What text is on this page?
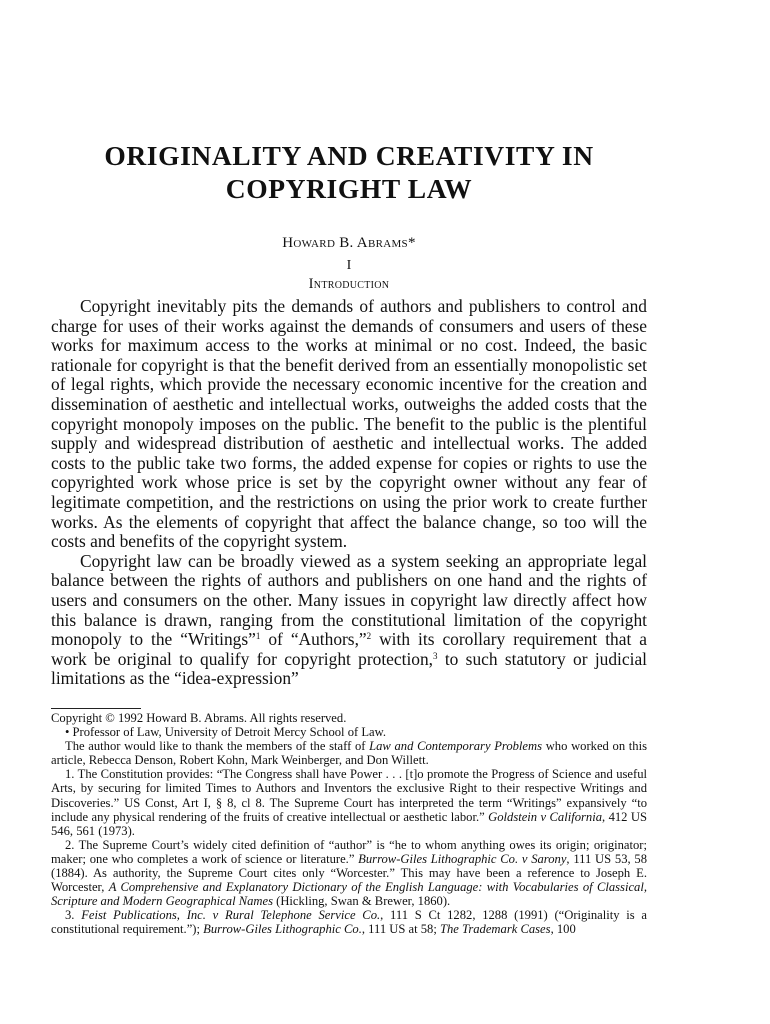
ORIGINALITY AND CREATIVITY IN
COPYRIGHT LAW
Howard B. Abrams*
I
Introduction

Copyright inevitably pits the demands of authors and publishers to control and charge for uses of their works against the demands of consumers and users of these works for maximum access to the works at minimal or no cost. Indeed, the basic rationale for copyright is that the benefit derived from an essentially monopolistic set of legal rights, which provide the necessary economic incentive for the creation and dissemination of aesthetic and intellectual works, outweighs the added costs that the copyright monopoly imposes on the public. The benefit to the public is the plentiful supply and widespread distribution of aesthetic and intellectual works. The added costs to the public take two forms, the added expense for copies or rights to use the copyrighted work whose price is set by the copyright owner without any fear of legitimate competition, and the restrictions on using the prior work to create further works. As the elements of copyright that affect the balance change, so too will the costs and benefits of the copyright system.

Copyright law can be broadly viewed as a system seeking an appropriate legal balance between the rights of authors and publishers on one hand and the rights of users and consumers on the other. Many issues in copyright law directly affect how this balance is drawn, ranging from the constitutional limitation of the copyright monopoly to the “Writings”$^1$ of “Authors,”$^2$ with its corollary requirement that a work be original to qualify for copyright protection,$^3$ to such statutory or judicial limitations as the “idea-expression”

Copyright © 1992 Howard B. Abrams. All rights reserved.

• Professor of Law, University of Detroit Mercy School of Law.

The author would like to thank the members of the staff of Law and Contemporary Problems who worked on this article, Rebecca Denson, Robert Kohn, Mark Weinberger, and Don Willett.

1. The Constitution provides: “The Congress shall have Power . . . [t]o promote the Progress of Science and useful Arts, by securing for limited Times to Authors and Inventors the exclusive Right to their respective Writings and Discoveries.” US Const, Art I, § 8, cl 8. The Supreme Court has interpreted the term “Writings” expansively “to include any physical rendering of the fruits of creative intellectual or aesthetic labor.” Goldstein v California, 412 US 546, 561 (1973).

2. The Supreme Court’s widely cited definition of “author” is “he to whom anything owes its origin; originator; maker; one who completes a work of science or literature.” Burrow-Giles Lithographic Co. v Sarony, 111 US 53, 58 (1884). As authority, the Supreme Court cites only “Worcester.” This may have been a reference to Joseph E. Worcester, A Comprehensive and Explanatory Dictionary of the English Language: with Vocabularies of Classical, Scripture and Modern Geographical Names (Hickling, Swan & Brewer, 1860).

3. Feist Publications, Inc. v Rural Telephone Service Co., 111 S Ct 1282, 1288 (1991) (“Originality is a constitutional requirement.”); Burrow-Giles Lithographic Co., 111 US at 58; The Trademark Cases, 100
